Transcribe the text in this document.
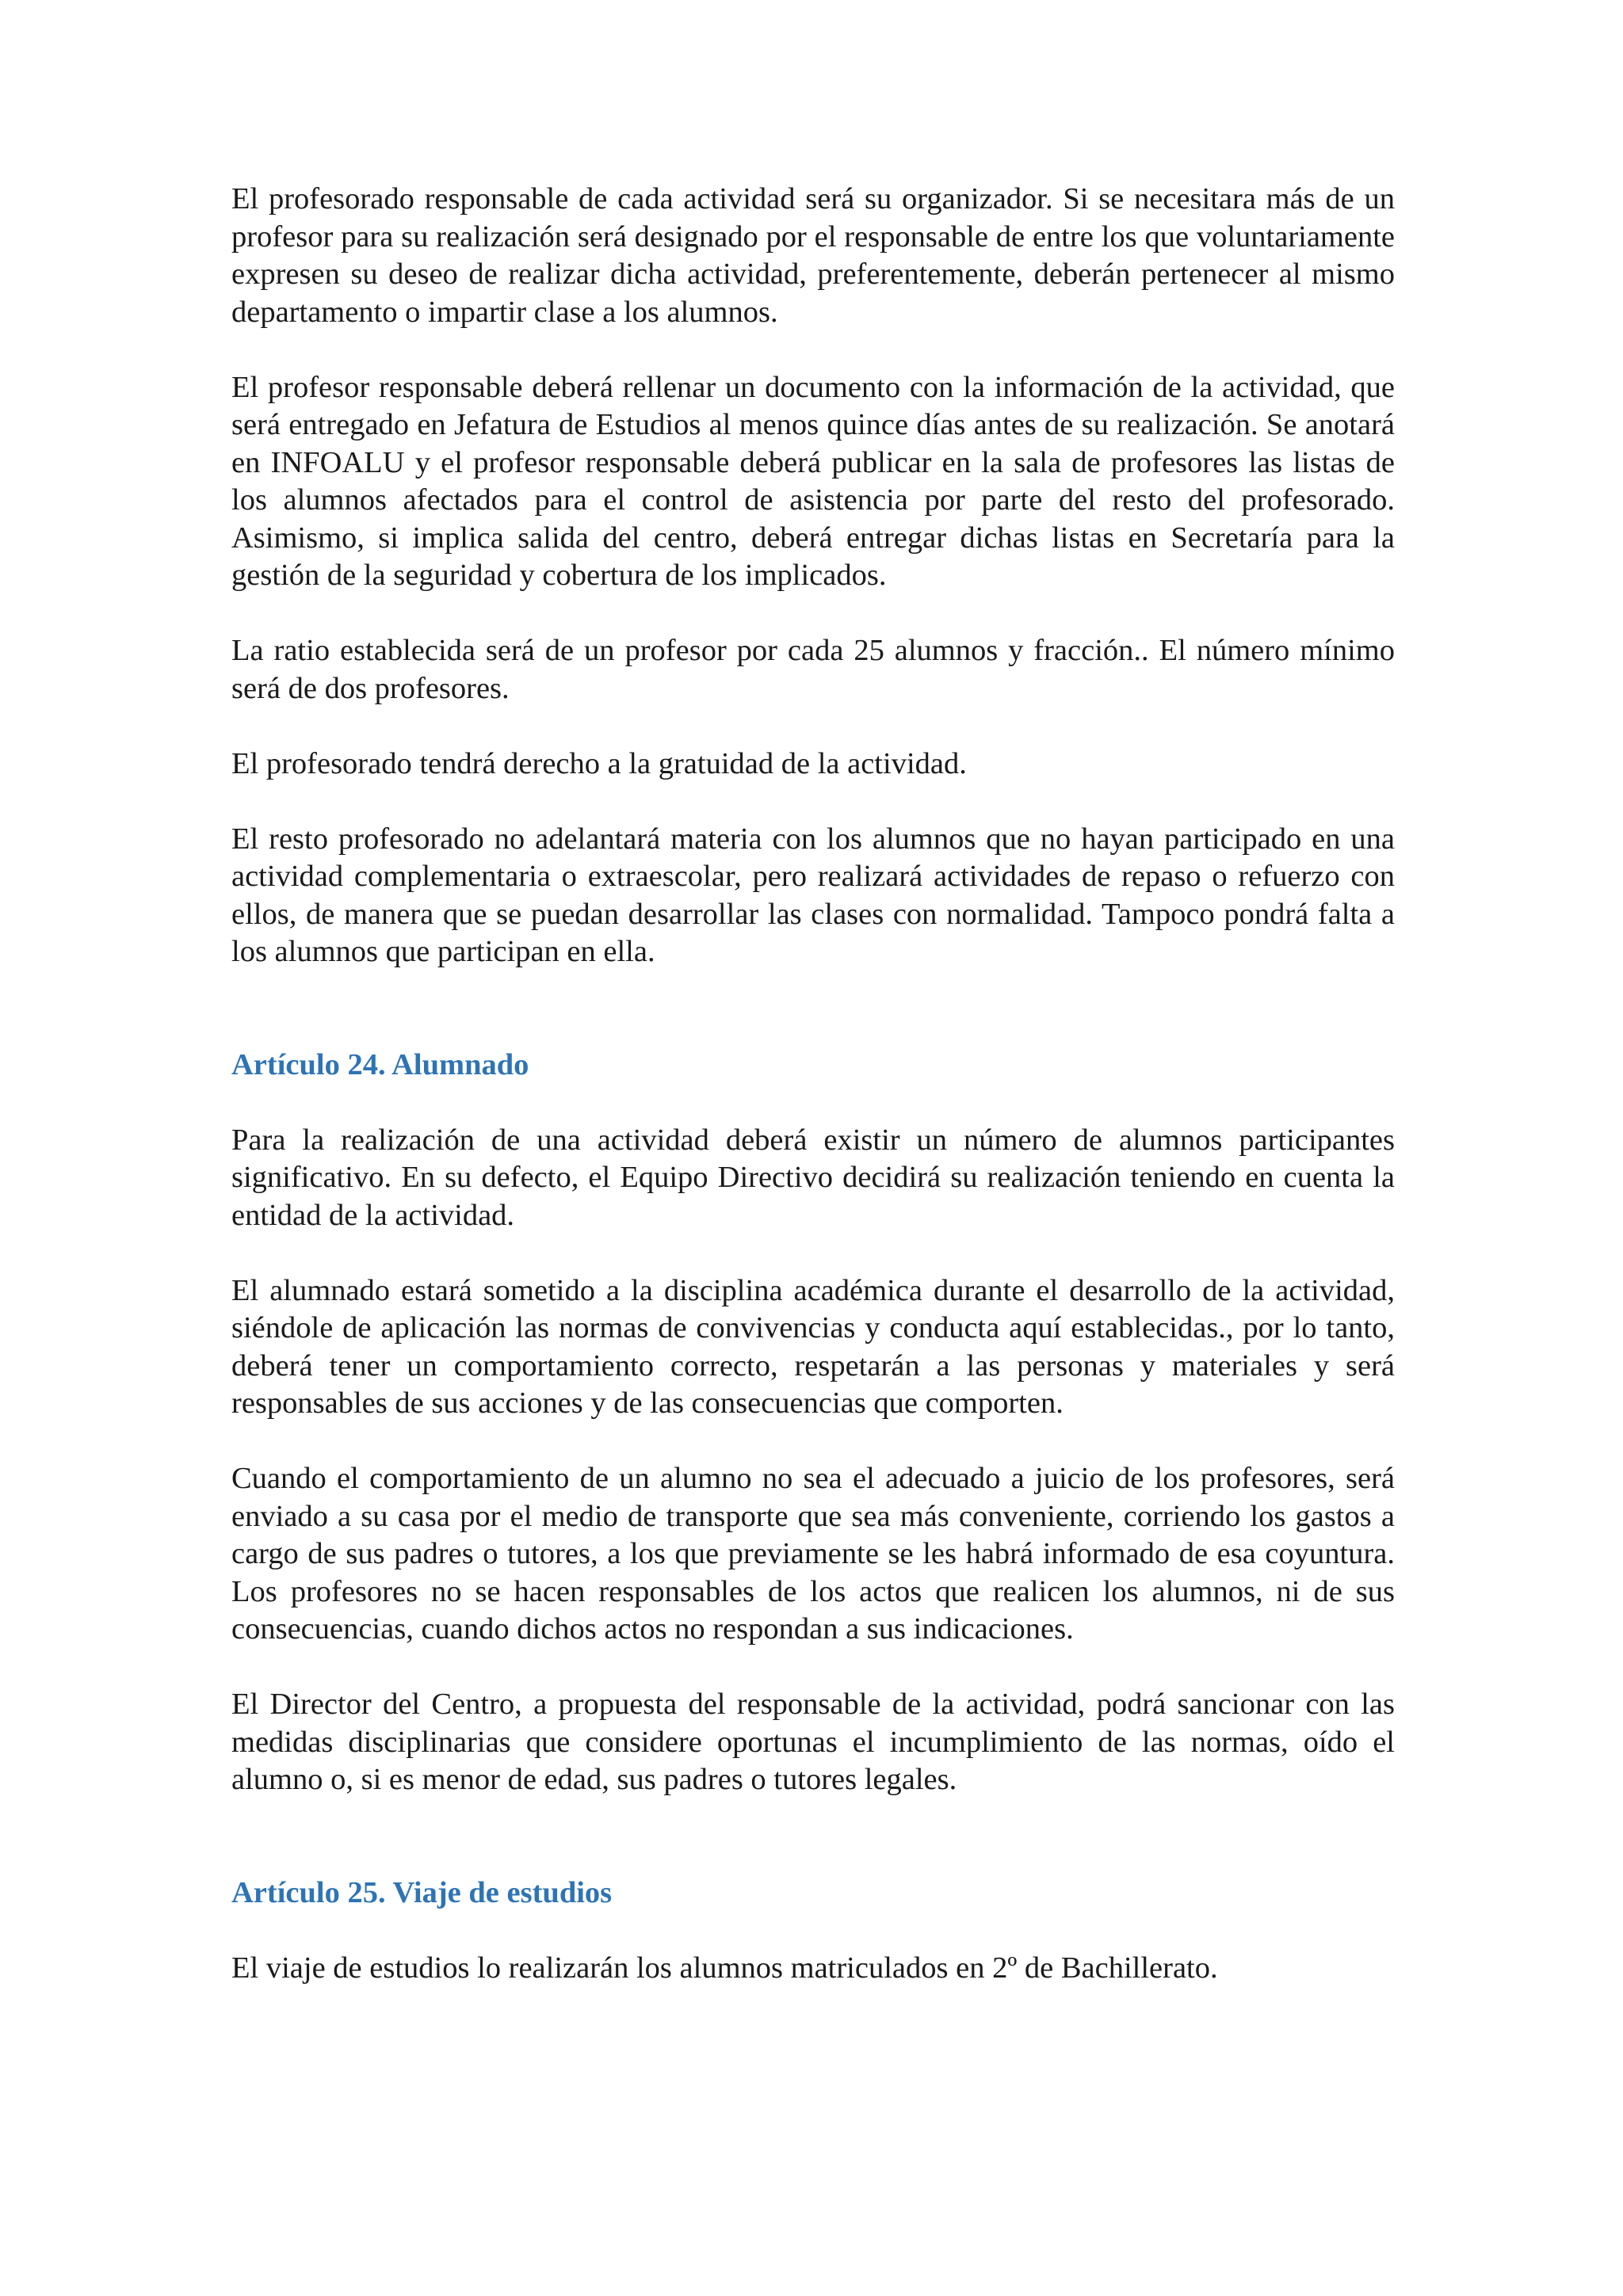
El profesorado responsable de cada actividad será su organizador. Si se necesitara más de un profesor para su realización será designado por el responsable de entre los que voluntariamente expresen su deseo de realizar dicha actividad, preferentemente, deberán pertenecer al mismo departamento o impartir clase a los alumnos.

El profesor responsable deberá rellenar un documento con la información de la actividad, que será entregado en Jefatura de Estudios al menos quince días antes de su realización. Se anotará en INFOALU y el profesor responsable deberá publicar en la sala de profesores las listas de los alumnos afectados para el control de asistencia por parte del resto del profesorado. Asimismo, si implica salida del centro, deberá entregar dichas listas en Secretaría para la gestión de la seguridad y cobertura de los implicados.

La ratio establecida será de un profesor por cada 25 alumnos y fracción.. El número mínimo será de dos profesores.

El profesorado tendrá derecho a la gratuidad de la actividad.

El resto profesorado no adelantará materia con los alumnos que no hayan participado en una actividad complementaria o extraescolar, pero realizará actividades de repaso o refuerzo con ellos, de manera que se puedan desarrollar las clases con normalidad. Tampoco pondrá falta a los alumnos que participan en ella.

Artículo 24. Alumnado

Para la realización de una actividad deberá existir un número de alumnos participantes significativo. En su defecto, el Equipo Directivo decidirá su realización teniendo en cuenta la entidad de la actividad.

El alumnado estará sometido a la disciplina académica durante el desarrollo de la actividad, siéndole de aplicación las normas de convivencias y conducta aquí establecidas., por lo tanto, deberá tener un comportamiento correcto, respetarán a las personas y materiales y será responsables de sus acciones y de las consecuencias que comporten.

Cuando el comportamiento de un alumno no sea el adecuado a juicio de los profesores, será enviado a su casa por el medio de transporte que sea más conveniente, corriendo los gastos a cargo de sus padres o tutores, a los que previamente se les habrá informado de esa coyuntura. Los profesores no se hacen responsables de los actos que realicen los alumnos, ni de sus consecuencias, cuando dichos actos no respondan a sus indicaciones.

El Director del Centro, a propuesta del responsable de la actividad, podrá sancionar con las medidas disciplinarias que considere oportunas el incumplimiento de las normas, oído el alumno o, si es menor de edad, sus padres o tutores legales.

Artículo 25. Viaje de estudios

El viaje de estudios lo realizarán los alumnos matriculados en 2º de Bachillerato.
